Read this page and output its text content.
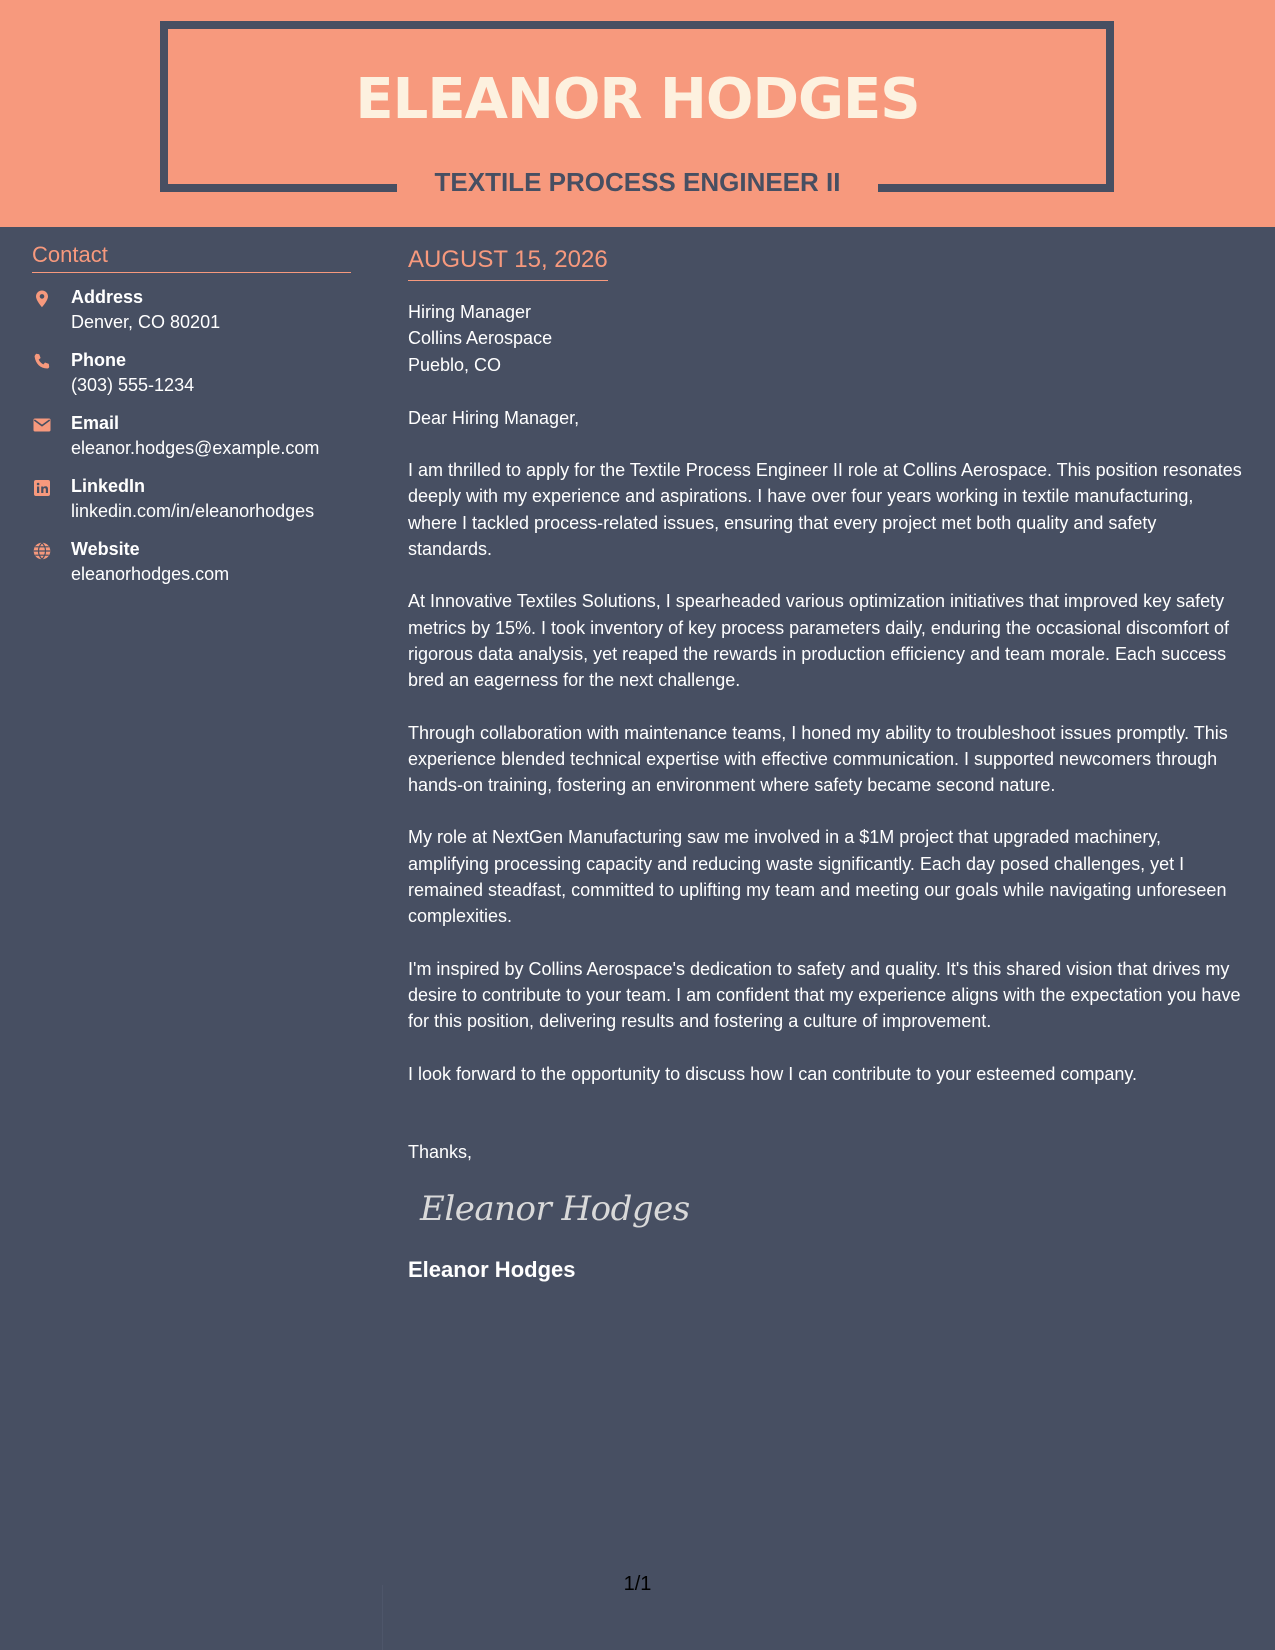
ELEANOR HODGES
TEXTILE PROCESS ENGINEER II
Contact
Address
Denver, CO 80201
Phone
(303) 555-1234
Email
eleanor.hodges@example.com
LinkedIn
linkedin.com/in/eleanorhodges
Website
eleanorhodges.com
AUGUST 15, 2026
Hiring Manager
Collins Aerospace
Pueblo, CO
Dear Hiring Manager,

I am thrilled to apply for the Textile Process Engineer II role at Collins Aerospace. This position resonates deeply with my experience and aspirations. I have over four years working in textile manufacturing, where I tackled process-related issues, ensuring that every project met both quality and safety standards.

At Innovative Textiles Solutions, I spearheaded various optimization initiatives that improved key safety metrics by 15%. I took inventory of key process parameters daily, enduring the occasional discomfort of rigorous data analysis, yet reaped the rewards in production efficiency and team morale. Each success bred an eagerness for the next challenge.

Through collaboration with maintenance teams, I honed my ability to troubleshoot issues promptly. This experience blended technical expertise with effective communication. I supported newcomers through hands-on training, fostering an environment where safety became second nature.

My role at NextGen Manufacturing saw me involved in a $1M project that upgraded machinery, amplifying processing capacity and reducing waste significantly. Each day posed challenges, yet I remained steadfast, committed to uplifting my team and meeting our goals while navigating unforeseen complexities.

I'm inspired by Collins Aerospace's dedication to safety and quality. It's this shared vision that drives my desire to contribute to your team. I am confident that my experience aligns with the expectation you have for this position, delivering results and fostering a culture of improvement.

I look forward to the opportunity to discuss how I can contribute to your esteemed company.

Thanks,
Eleanor Hodges
Eleanor Hodges
1/1
